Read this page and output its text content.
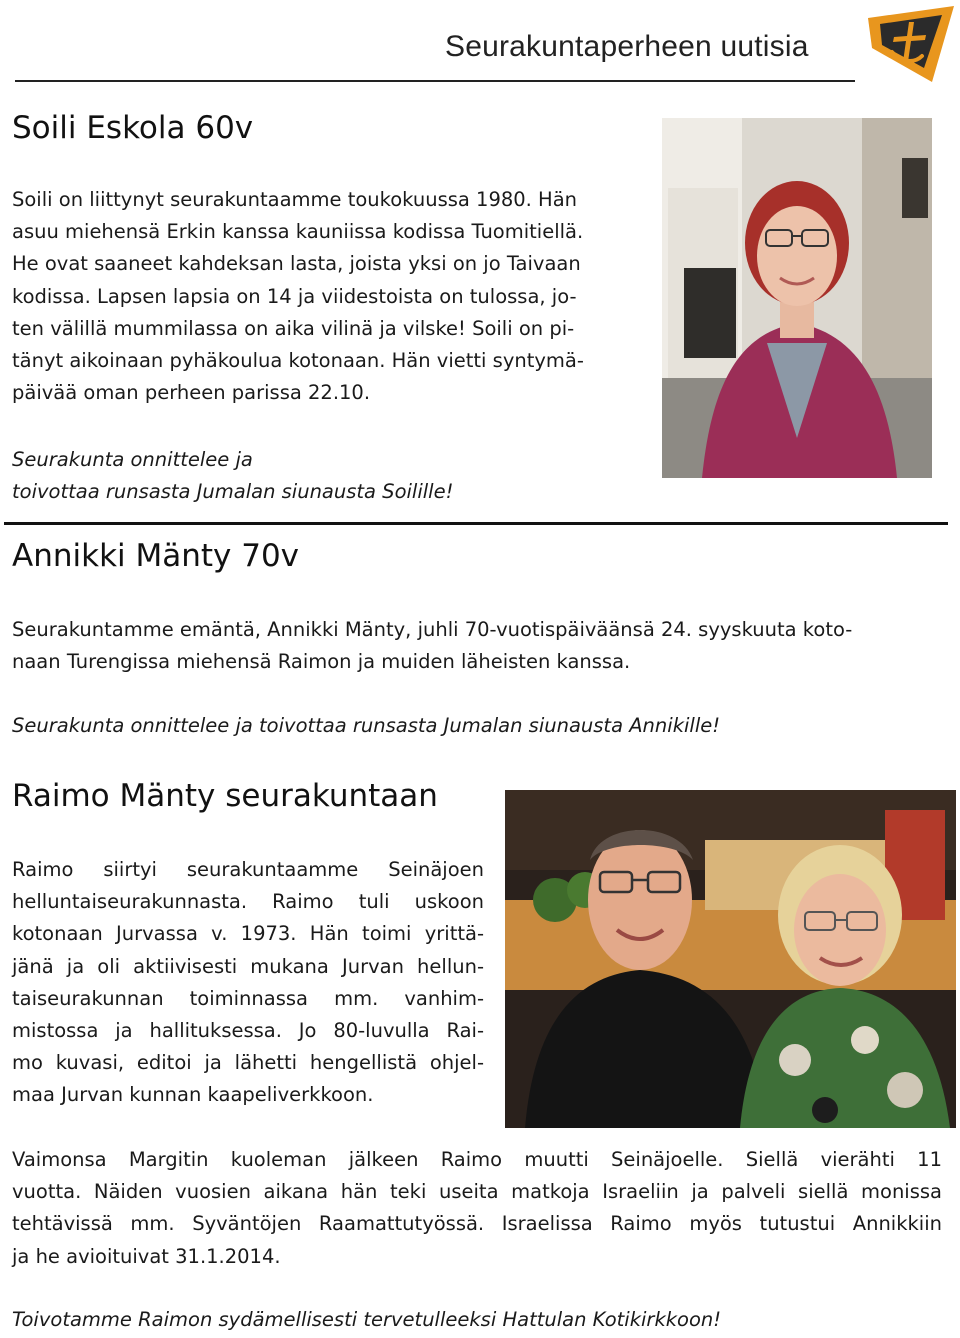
Seurakuntaperheen uutisia
Soili Eskola 60v
Soili on liittynyt seurakuntaamme toukokuussa 1980. Hän
asuu miehensä Erkin kanssa kauniissa kodissa Tuomitiellä.
He ovat saaneet kahdeksan lasta, joista yksi on jo Taivaan
kodissa. Lapsen lapsia on 14 ja viidestoista on tulossa, jo-
ten välillä mummilassa on aika vilinä ja vilske! Soili on pi-
tänyt aikoinaan pyhäkoulua kotonaan. Hän vietti syntymä-
päivää oman perheen parissa 22.10.
Seurakunta onnittelee ja
toivottaa runsasta Jumalan siunausta Soilille!
Annikki Mänty 70v
Seurakuntamme emäntä, Annikki Mänty, juhli 70-vuotispäiväänsä 24. syyskuuta koto-
naan Turengissa miehensä Raimon ja muiden läheisten kanssa.
Seurakunta onnittelee ja toivottaa runsasta Jumalan siunausta Annikille!
Raimo Mänty seurakuntaan
Raimo siirtyi seurakuntaamme Seinäjoen
helluntaiseurakunnasta. Raimo tuli uskoon
kotonaan Jurvassa v. 1973. Hän toimi yrittä-
jänä ja oli aktiivisesti mukana Jurvan hellun-
taiseurakunnan toiminnassa mm. vanhim-
mistossa ja hallituksessa. Jo 80-luvulla Rai-
mo kuvasi, editoi ja lähetti hengellistä ohjel-
maa Jurvan kunnan kaapeliverkkoon.
Vaimonsa Margitin kuoleman jälkeen Raimo muutti Seinäjoelle. Siellä vierähti 11
vuotta. Näiden vuosien aikana hän teki useita matkoja Israeliin ja palveli siellä monissa
tehtävissä mm. Syväntöjen Raamattutyössä. Israelissa Raimo myös tutustui Annikkiin
ja he avioituivat 31.1.2014.
Toivotamme Raimon sydämellisesti tervetulleeksi Hattulan Kotikirkkoon!
